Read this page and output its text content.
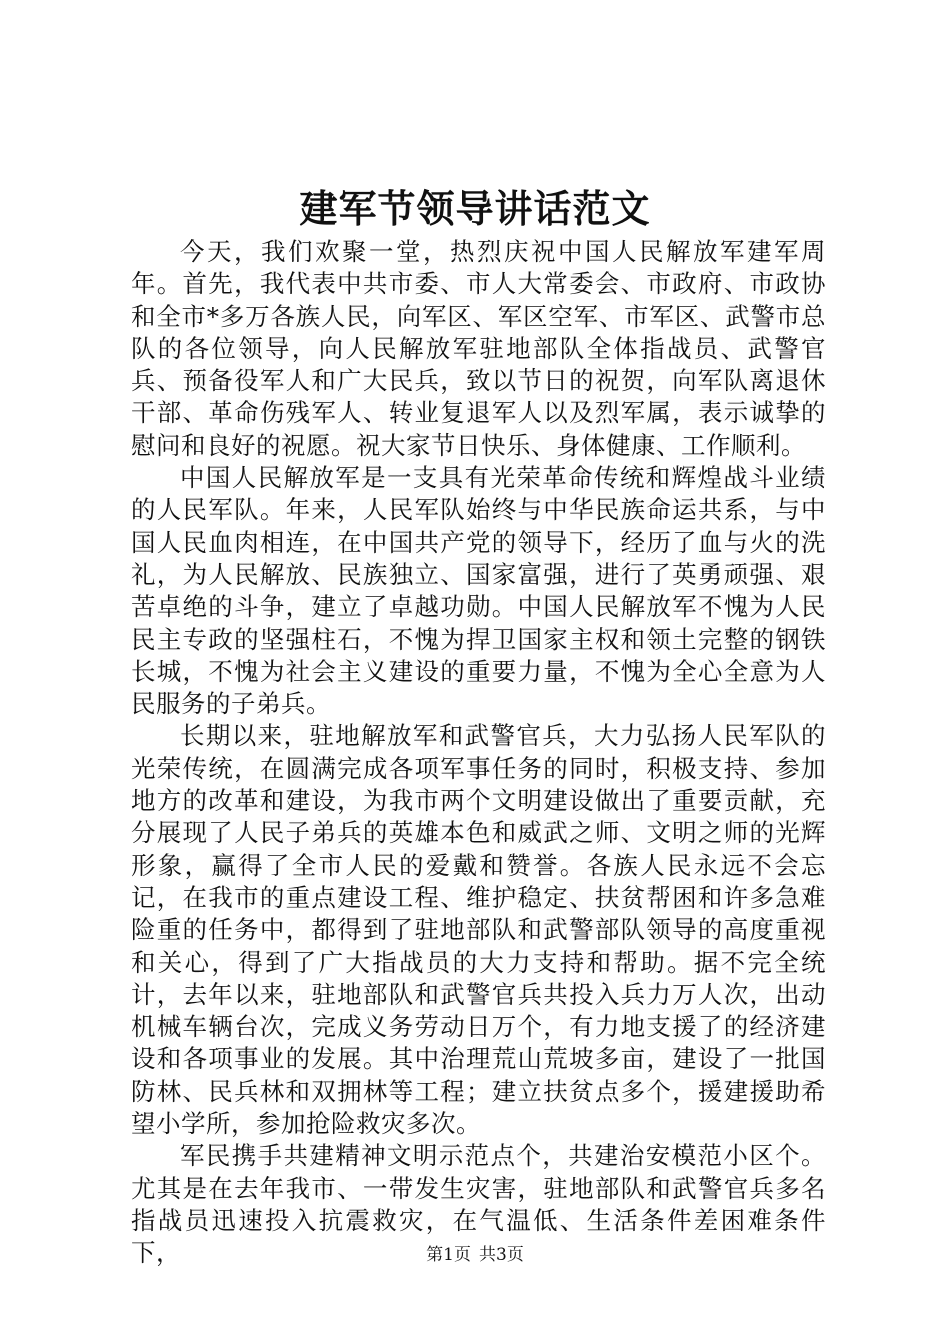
建军节领导讲话范文

今天，我们欢聚一堂，热烈庆祝中国人民解放军建军周年。首先，我代表中共市委、市人大常委会、市政府、市政协和全市*多万各族人民，向军区、军区空军、市军区、武警市总队的各位领导，向人民解放军驻地部队全体指战员、武警官兵、预备役军人和广大民兵，致以节日的祝贺，向军队离退休干部、革命伤残军人、转业复退军人以及烈军属，表示诚挚的慰问和良好的祝愿。祝大家节日快乐、身体健康、工作顺利。

中国人民解放军是一支具有光荣革命传统和辉煌战斗业绩的人民军队。年来，人民军队始终与中华民族命运共系，与中国人民血肉相连，在中国共产党的领导下，经历了血与火的洗礼，为人民解放、民族独立、国家富强，进行了英勇顽强、艰苦卓绝的斗争，建立了卓越功勋。中国人民解放军不愧为人民民主专政的坚强柱石，不愧为捍卫国家主权和领土完整的钢铁长城，不愧为社会主义建设的重要力量，不愧为全心全意为人民服务的子弟兵。

长期以来，驻地解放军和武警官兵，大力弘扬人民军队的光荣传统，在圆满完成各项军事任务的同时，积极支持、参加地方的改革和建设，为我市两个文明建设做出了重要贡献，充分展现了人民子弟兵的英雄本色和威武之师、文明之师的光辉形象，赢得了全市人民的爱戴和赞誉。各族人民永远不会忘记，在我市的重点建设工程、维护稳定、扶贫帮困和许多急难险重的任务中，都得到了驻地部队和武警部队领导的高度重视和关心，得到了广大指战员的大力支持和帮助。据不完全统计，去年以来，驻地部队和武警官兵共投入兵力万人次，出动机械车辆台次，完成义务劳动日万个，有力地支援了的经济建设和各项事业的发展。其中治理荒山荒坡多亩，建设了一批国防林、民兵林和双拥林等工程；建立扶贫点多个，援建援助希望小学所，参加抢险救灾多次。

军民携手共建精神文明示范点个，共建治安模范小区个。尤其是在去年我市、一带发生灾害，驻地部队和武警官兵多名指战员迅速投入抗震救灾，在气温低、生活条件差困难条件下，	第1页 共3页
